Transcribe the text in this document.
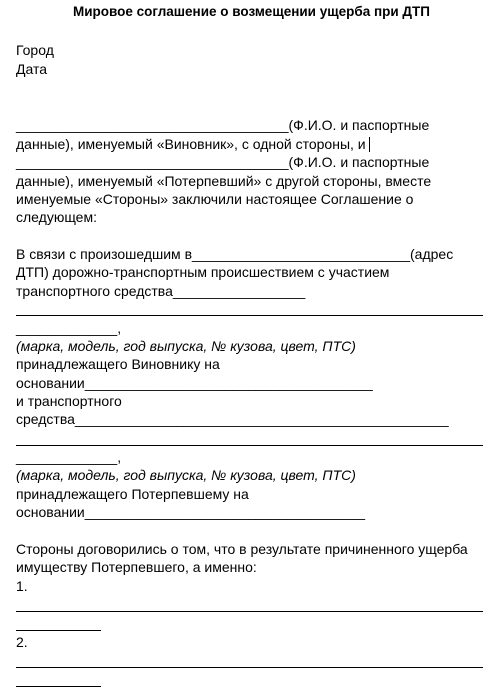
Мировое соглашение о возмещении ущерба при ДТП
Город
Дата
___________________________________(Ф.И.О. и паспортные
данные), именуемый «Виновник», с одной стороны, и
___________________________________(Ф.И.О. и паспортные
данные), именуемый «Потерпевший» с другой стороны, вместе
именуемые «Стороны» заключили настоящее Соглашение о
следующем:
В связи с произошедшим в____________________________(адрес
ДТП) дорожно-транспортным происшествием с участием
транспортного средства_________________
_____________,
(марка, модель, год выпуска, № кузова, цвет, ПТС)
принадлежащего Виновнику на
основании_____________________________________
и транспортного
средства________________________________________________
_____________,
(марка, модель, год выпуска, № кузова, цвет, ПТС)
принадлежащего Потерпевшему на
основании____________________________________
Стороны договорились о том, что в результате причиненного ущерба
имуществу Потерпевшего, а именно:
1.
2.
